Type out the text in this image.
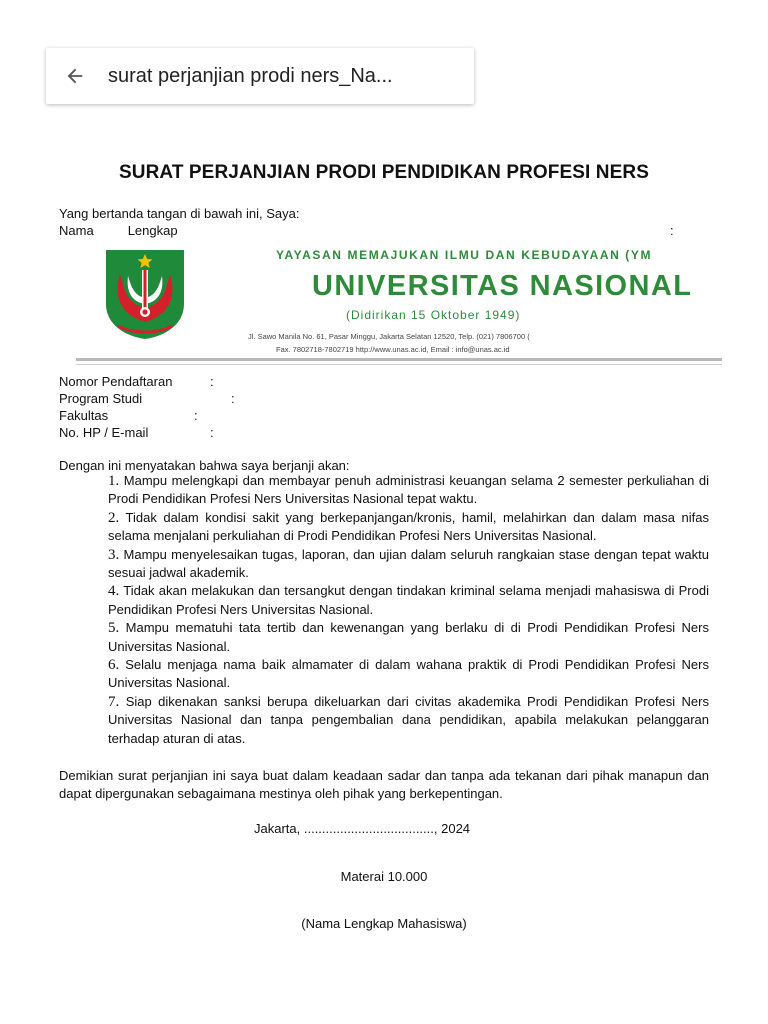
surat perjanjian prodi ners_Na...
SURAT PERJANJIAN PRODI PENDIDIKAN PROFESI NERS
Yang bertanda tangan di bawah ini, Saya:
Nama	Lengkap	:
YAYASAN MEMAJUKAN ILMU DAN KEBUDAYAAN (YM
UNIVERSITAS NASIONAL
(Didirikan 15 Oktober 1949)
Jl. Sawo Manila No. 61, Pasar Minggu, Jakarta Selatan 12520, Telp. (021) 7806700 (
Fax. 7802718-7802719 http://www.unas.ac.id, Email : info@unas.ac.id
Nomor Pendaftaran	:
Program Studi	:
Fakultas	:
No. HP / E-mail	:
Dengan ini menyatakan bahwa saya berjanji akan:

1. Mampu melengkapi dan membayar penuh administrasi keuangan selama 2 semester perkuliahan di Prodi Pendidikan Profesi Ners Universitas Nasional tepat waktu.

2. Tidak dalam kondisi sakit yang berkepanjangan/kronis, hamil, melahirkan dan dalam masa nifas selama menjalani perkuliahan di Prodi Pendidikan Profesi Ners Universitas Nasional.

3. Mampu menyelesaikan tugas, laporan, dan ujian dalam seluruh rangkaian stase dengan tepat waktu sesuai jadwal akademik.

4. Tidak akan melakukan dan tersangkut dengan tindakan kriminal selama menjadi mahasiswa di Prodi Pendidikan Profesi Ners Universitas Nasional.

5. Mampu mematuhi tata tertib dan kewenangan yang berlaku di di Prodi Pendidikan Profesi Ners Universitas Nasional.

6. Selalu menjaga nama baik almamater di dalam wahana praktik di Prodi Pendidikan Profesi Ners Universitas Nasional.

7. Siap dikenakan sanksi berupa dikeluarkan dari civitas akademika Prodi Pendidikan Profesi Ners Universitas Nasional dan tanpa pengembalian dana pendidikan, apabila melakukan pelanggaran terhadap aturan di atas.

Demikian surat perjanjian ini saya buat dalam keadaan sadar dan tanpa ada tekanan dari pihak manapun dan dapat dipergunakan sebagaimana mestinya oleh pihak yang berkepentingan.

Jakarta, ...................................., 2024
Materai 10.000
(Nama Lengkap Mahasiswa)
